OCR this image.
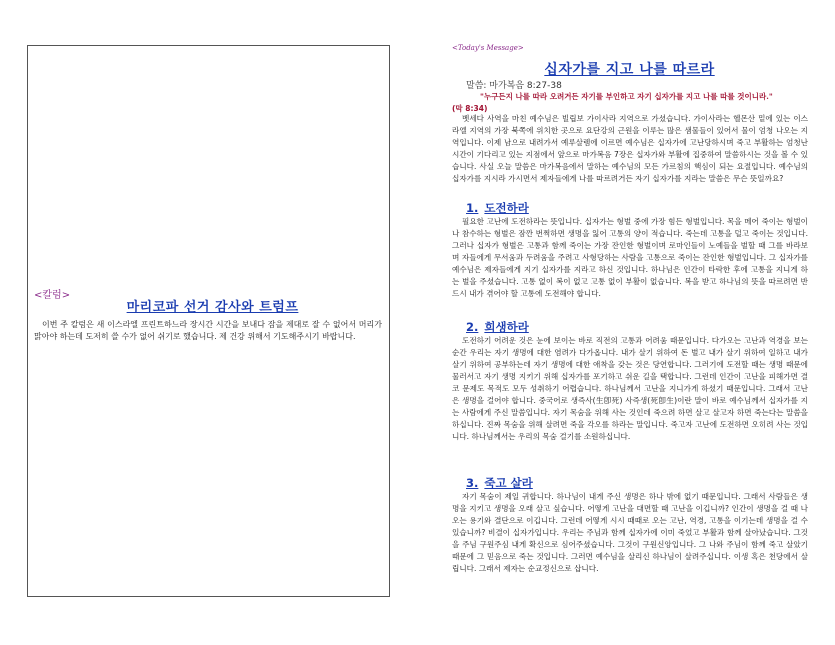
<칼럼>
마리코파 선거 감사와 트럼프
이번 주 칼럼은 새 이스라엘 프린트하느라 장시간 시간을 보내다 잠을 제대로 잘 수 없어서 머리가 맑아야 하는데 도저히 쓸 수가 없어 쉬기로 했습니다. 제 건강 위해서 기도해주시기 바랍니다.
<Today's Message>
십자가를 지고 나를 따르라
말씀: 마가복음 8:27-38
"누구든지 나를 따라 오려거든 자기를 부인하고 자기 십자가를 지고 나를 따를 것이니라."
(막 8:34)
벳세다 사역을 마친 예수님은 빌립보 가이사라 지역으로 가셨습니다. 가이사라는 헬몬산 밑에 있는 이스라엘 지역의 가장 북쪽에 위치한 곳으로 요단강의 근원을 이루는 많은 샘물들이 있어서 물이 엄청 나오는 지역입니다. 이제 남으로 내려가서 예루살렘에 이르면 예수님은 십자가에 고난당하시며 죽고 부활하는 엄청난 시간이 기다리고 있는 지점에서 앞으로 마가복음 7장은 십자가와 부활에 집중하여 말씀하시는 것을 볼 수 있습니다. 사실 오늘 말씀은 마가복음에서 말하는 예수님의 모든 가르침의 핵심이 되는 요절입니다. 예수님의 십자가를 지시라 가시면서 제자들에게 나를 따르려거든 자기 십자가를 지라는 말씀은 무슨 뜻일까요?
1. 도전하라
필요한 고난에 도전하라는 뜻입니다. 십자가는 형벌 중에 가장 힘든 형벌입니다. 목을 메어 죽이는 형벌이나 참수하는 형벌은 잠깐 번쩍하면 생명을 잃어 고통의 양이 적습니다. 죽는데 고통을 덜고 죽이는 것입니다. 그러나 십자가 형벌은 고통과 함께 죽이는 가장 잔인한 형벌이며 로마인들이 노예들을 벌할 때 그를 바라보며 자들에게 무서움과 두려움을 주려고 사형당하는 사람을 고통으로 죽이는 잔인한 형벌입니다. 그 십자가를 예수님은 제자들에게 지기 십자가를 지라고 하신 것입니다. 하나님은 인간이 타락한 후에 고통을 지니게 하는 벌을 주셨습니다. 고통 없이 복이 없고 고통 없이 부활이 없습니다. 복을 받고 하나님의 뜻을 따르려면 반드시 내가 겪어야 할 고통에 도전해야 합니다.
2. 희생하라
도전하기 어려운 것은 눈에 보이는 바로 직전의 고통과 어려움 때문입니다. 다가오는 고난과 역경을 보는 순간 우리는 자기 생명에 대한 염려가 다가옵니다. 내가 살기 위하여 돈 벌고 내가 살기 위하여 일하고 내가 살기 위하여 공부하는데 자기 생명에 대한 애착을 갖는 것은 당연합니다. 그러기에 도전할 때는 생명 때문에 물러서고 자기 생명 지키기 위해 십자가를 포기하고 쉬운 길을 택합니다. 그런데 인간이 고난을 피해가면 결코 문제도 목적도 모두 성취하기 어렵습니다. 하나님께서 고난을 지니가게 하셨기 때문입니다. 그래서 고난은 생명을 걸어야 합니다. 중국어로 생즉사(生卽死) 사즉생(死卽生)이란 말이 바로 예수님께서 십자가를 지는 사람에게 주신 말씀입니다. 자기 목숨을 위해 사는 것인데 죽으려 하면 살고 살고자 하면 죽는다는 말씀을 하십니다. 진짜 목숨을 위해 살려면 죽을 각오를 하라는 말입니다. 죽고자 고난에 도전하면 오히려 사는 것입니다. 하나님께서는 우리의 목숨 걸기를 소원하십니다.
3. 죽고 살라
자기 목숨이 제일 귀합니다. 하나님이 내게 주신 생명은 하나 밖에 없기 때문입니다. 그래서 사람들은 생명을 지키고 생명을 오래 살고 싶습니다. 어떻게 고난을 대면할 때 고난을 이깁니까? 인간이 생명을 걸 때 나오는 용기와 결단으로 이깁니다. 그런데 어떻게 시시 때때로 오는 고난, 역경, 고통을 이기는데 생명을 걸 수 있습니까? 비결이 십자가입니다. 우리는 주님과 함께 십자가에 이미 죽었고 부활과 함께 살아났습니다. 그것을 주님 구원주심 내게 확신으로 심어주셨습니다. 그것이 구원신앙입니다. 그 나와 주님이 함께 죽고 살았기 때문에 그 믿음으로 죽는 것입니다. 그러면 예수님을 살리신 하나님이 살려주십니다. 이생 혹은 천당에서 살립니다. 그래서 제자는 순교정신으로 삽니다.
